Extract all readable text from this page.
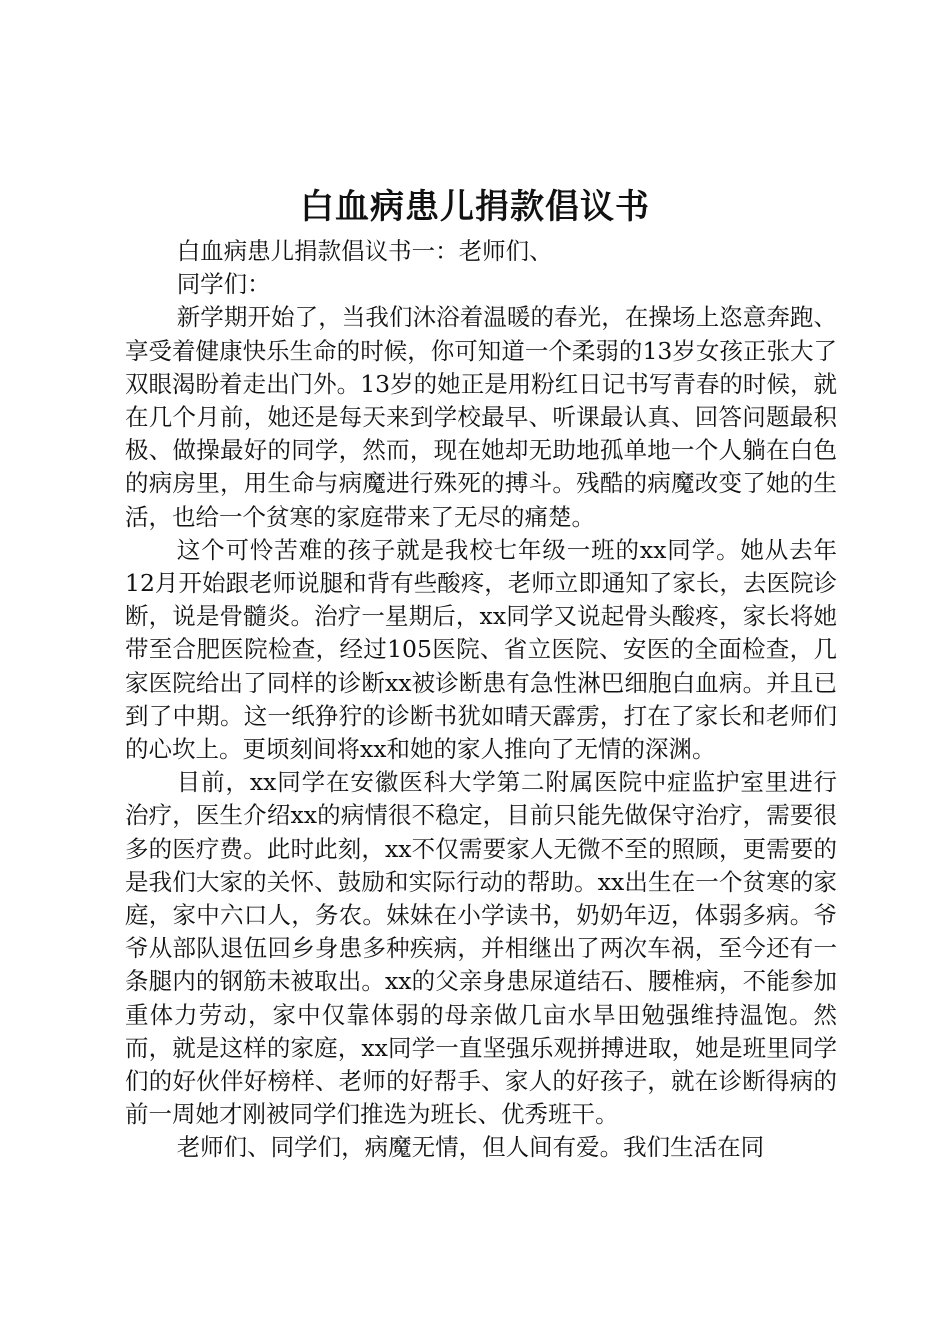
白血病患儿捐款倡议书

白血病患儿捐款倡议书一：老师们、

同学们：

新学期开始了，当我们沐浴着温暖的春光，在操场上恣意奔跑、享受着健康快乐生命的时候，你可知道一个柔弱的13岁女孩正张大了双眼渴盼着走出门外。13岁的她正是用粉红日记书写青春的时候，就在几个月前，她还是每天来到学校最早、听课最认真、回答问题最积极、做操最好的同学，然而，现在她却无助地孤单地一个人躺在白色的病房里，用生命与病魔进行殊死的搏斗。残酷的病魔改变了她的生活，也给一个贫寒的家庭带来了无尽的痛楚。

这个可怜苦难的孩子就是我校七年级一班的xx同学。她从去年12月开始跟老师说腿和背有些酸疼，老师立即通知了家长，去医院诊断，说是骨髓炎。治疗一星期后，xx同学又说起骨头酸疼，家长将她带至合肥医院检查，经过105医院、省立医院、安医的全面检查，几家医院给出了同样的诊断xx被诊断患有急性淋巴细胞白血病。并且已到了中期。这一纸狰狞的诊断书犹如晴天霹雳，打在了家长和老师们的心坎上。更顷刻间将xx和她的家人推向了无情的深渊。

目前，xx同学在安徽医科大学第二附属医院中症监护室里进行治疗，医生介绍xx的病情很不稳定，目前只能先做保守治疗，需要很多的医疗费。此时此刻，xx不仅需要家人无微不至的照顾，更需要的是我们大家的关怀、鼓励和实际行动的帮助。xx出生在一个贫寒的家庭，家中六口人，务农。妹妹在小学读书，奶奶年迈，体弱多病。爷爷从部队退伍回乡身患多种疾病，并相继出了两次车祸，至今还有一条腿内的钢筋未被取出。xx的父亲身患尿道结石、腰椎病，不能参加重体力劳动，家中仅靠体弱的母亲做几亩水旱田勉强维持温饱。然而，就是这样的家庭，xx同学一直坚强乐观拼搏进取，她是班里同学们的好伙伴好榜样、老师的好帮手、家人的好孩子，就在诊断得病的前一周她才刚被同学们推选为班长、优秀班干。

老师们、同学们，病魔无情，但人间有爱。我们生活在同
